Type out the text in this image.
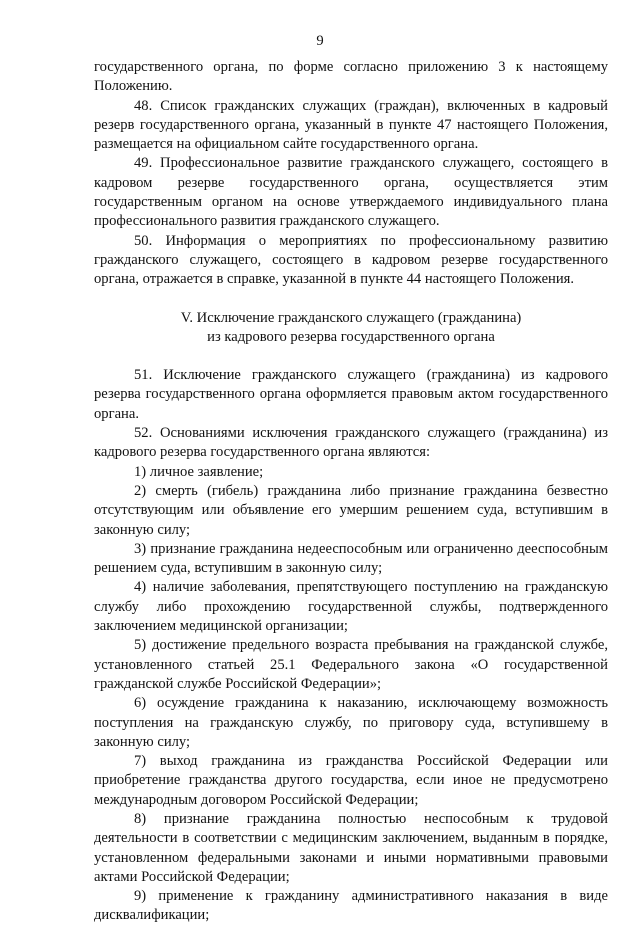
9

государственного органа, по форме согласно приложению 3 к настоящему Положению.

48. Список гражданских служащих (граждан), включенных в кадровый резерв государственного органа, указанный в пункте 47 настоящего Положения, размещается на официальном сайте государственного органа.

49. Профессиональное развитие гражданского служащего, состоящего в кадровом резерве государственного органа, осуществляется этим государственным органом на основе утверждаемого индивидуального плана профессионального развития гражданского служащего.

50. Информация о мероприятиях по профессиональному развитию гражданского служащего, состоящего в кадровом резерве государственного органа, отражается в справке, указанной в пункте 44 настоящего Положения.

V. Исключение гражданского служащего (гражданина)

из кадрового резерва государственного органа

51. Исключение гражданского служащего (гражданина) из кадрового резерва государственного органа оформляется правовым актом государственного органа.

52. Основаниями исключения гражданского служащего (гражданина) из кадрового резерва государственного органа являются:

1) личное заявление;

2) смерть (гибель) гражданина либо признание гражданина безвестно отсутствующим или объявление его умершим решением суда, вступившим в законную силу;

3) признание гражданина недееспособным или ограниченно дееспособным решением суда, вступившим в законную силу;

4) наличие заболевания, препятствующего поступлению на гражданскую службу либо прохождению государственной службы, подтвержденного заключением медицинской организации;

5) достижение предельного возраста пребывания на гражданской службе, установленного статьей 25.1 Федерального закона «О государственной гражданской службе Российской Федерации»;

6) осуждение гражданина к наказанию, исключающему возможность поступления на гражданскую службу, по приговору суда, вступившему в законную силу;

7) выход гражданина из гражданства Российской Федерации или приобретение гражданства другого государства, если иное не предусмотрено международным договором Российской Федерации;

8) признание гражданина полностью неспособным к трудовой деятельности в соответствии с медицинским заключением, выданным в порядке, установленном федеральными законами и иными нормативными правовыми актами Российской Федерации;

9) применение к гражданину административного наказания в виде дисквалификации;
